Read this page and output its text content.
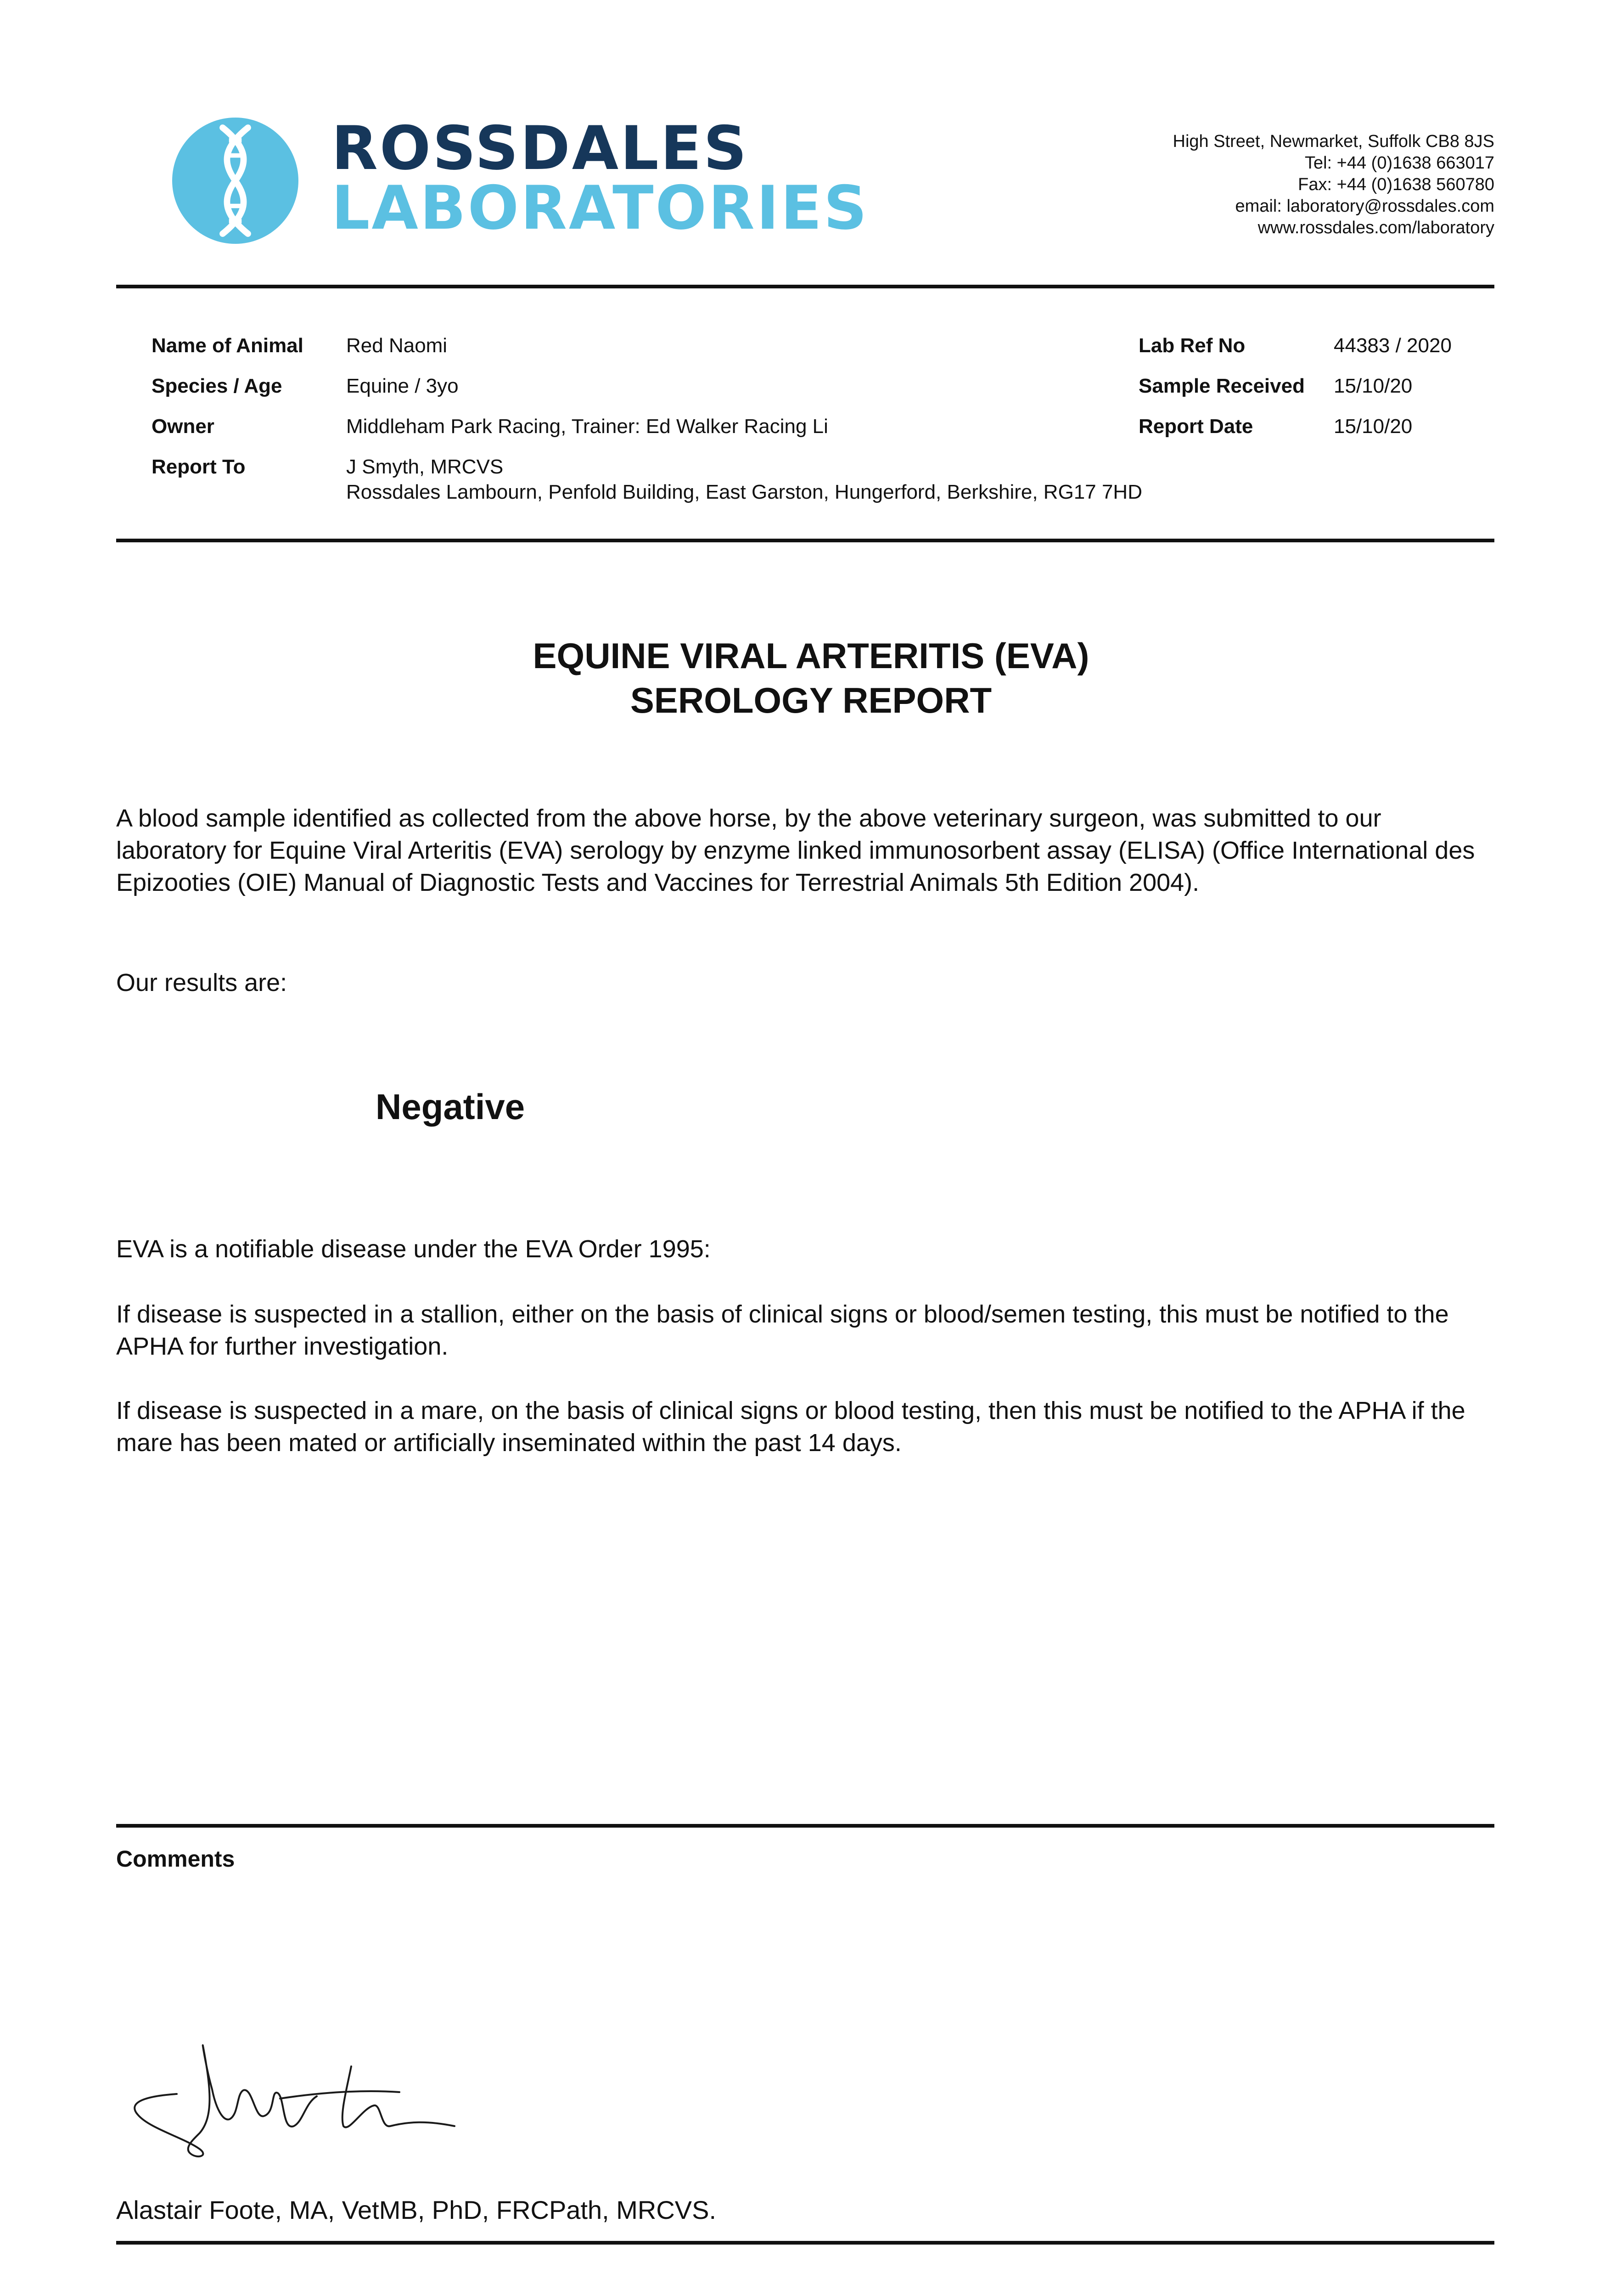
ROSSDALES
LABORATORIES
High Street, Newmarket, Suffolk CB8 8JS
Tel: +44 (0)1638 663017
Fax: +44 (0)1638 560780
email: laboratory@rossdales.com
www.rossdales.com/laboratory
Name of Animal Red Naomi
Species / Age	Equine / 3yo
Owner	Middleham Park Racing, Trainer: Ed Walker Racing Li
Report To	J Smyth, MRCVS
Rossdales Lambourn, Penfold Building, East Garston, Hungerford, Berkshire, RG17 7HD
Lab Ref No	44383 / 2020
Sample Received 15/10/20
Report Date	15/10/20
EQUINE VIRAL ARTERITIS (EVA)
SEROLOGY REPORT

A blood sample identified as collected from the above horse, by the above veterinary surgeon, was submitted to our laboratory for Equine Viral Arteritis (EVA) serology by enzyme linked immunosorbent assay (ELISA) (Office International des Epizooties (OIE) Manual of Diagnostic Tests and Vaccines for Terrestrial Animals 5th Edition 2004).

Our results are:

Negative

EVA is a notifiable disease under the EVA Order 1995:

If disease is suspected in a stallion, either on the basis of clinical signs or blood/semen testing, this must be notified to the APHA for further investigation.

If disease is suspected in a mare, on the basis of clinical signs or blood testing, then this must be notified to the APHA if the mare has been mated or artificially inseminated within the past 14 days.

Comments
Alastair Foote, MA, VetMB, PhD, FRCPath, MRCVS.
